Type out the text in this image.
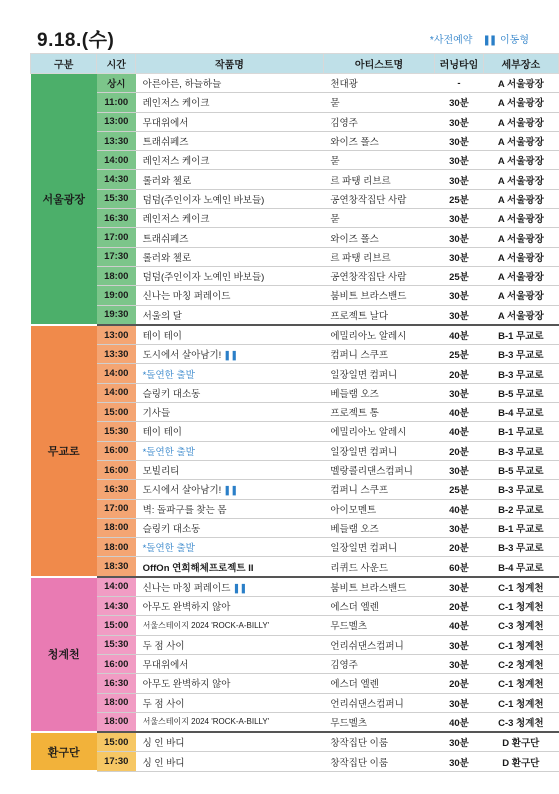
9.18.(수)	*사전예약 ❚❚ 이동형
구분	시간	작품명	아티스트명	러닝타임	세부장소
서울광장	상시	아른아른, 하늘하늘	천대광	-	A 서울광장
	11:00	레인저스 케이크	묻	30분	A 서울광장
	13:00	무대위에서	김영주	30분	A 서울광장
	13:30	트래쉬페즈	와이즈 폴스	30분	A 서울광장
	14:00	레인저스 케이크	묻	30분	A 서울광장
	14:30	롤러와 첼로	르 파탱 리브르	30분	A 서울광장
	15:30	덤덤(주인이자 노예인 바보들)	공연창작집단 사람	25분	A 서울광장
	16:30	레인저스 케이크	묻	30분	A 서울광장
	17:00	트래쉬페즈	와이즈 폴스	30분	A 서울광장
	17:30	롤러와 첼로	르 파탱 리브르	30분	A 서울광장
	18:00	덤덤(주인이자 노예인 바보들)	공연창작집단 사람	25분	A 서울광장
	19:00	신나는 마칭 퍼레이드	붐비트 브라스밴드	30분	A 서울광장
	19:30	서울의 달	프로젝트 날다	30분	A 서울광장
무교로	13:00	테이 테이	에밀리아노 알레시	40분	B-1 무교로
	13:30	도시에서 살아남기! ❚❚	컴퍼니 스쿠프	25분	B-3 무교로
	14:00	*돌연한 출발	일장일면 컴퍼니	20분	B-3 무교로
	14:00	슬링키 대소동	베들램 오즈	30분	B-5 무교로
	15:00	기사들	프로젝트 통	40분	B-4 무교로
	15:30	테이 테이	에밀리아노 알레시	40분	B-1 무교로
	16:00	*돌연한 출발	일장일면 컴퍼니	20분	B-3 무교로
	16:00	모빌리티	멜랑콜리댄스컴퍼니	30분	B-5 무교로
	16:30	도시에서 살아남기! ❚❚	컴퍼니 스쿠프	25분	B-3 무교로
	17:00	벽: 돌파구를 찾는 몸	아이모멘트	40분	B-2 무교로
	18:00	슬링키 대소동	베들램 오즈	30분	B-1 무교로
	18:00	*돌연한 출발	일장일면 컴퍼니	20분	B-3 무교로
	18:30	OffOn 연희해체프로젝트 II	리퀴드 사운드	60분	B-4 무교로
청계천	14:00	신나는 마칭 퍼레이드 ❚❚	붐비트 브라스밴드	30분	C-1 청계천
	14:30	아무도 완벽하지 않아	에스더 엘렌	20분	C-1 청계천
	15:00	서울스테이지 2024 'ROCK-A-BILLY'	무드멜츠	40분	C-3 청계천
	15:30	두 점 사이	언리쉬댄스컴퍼니	30분	C-1 청계천
	16:00	무대위에서	김영주	30분	C-2 청계천
	16:30	아무도 완벽하지 않아	에스더 엘렌	20분	C-1 청계천
	18:00	두 점 사이	언리쉬댄스컴퍼니	30분	C-1 청계천
	18:00	서울스테이지 2024 'ROCK-A-BILLY'	무드멜츠	40분	C-3 청계천
환구단	15:00	싱 인 바디	창작집단 이룸	30분	D 환구단
	17:30	싱 인 바디	창작집단 이룸	30분	D 환구단
